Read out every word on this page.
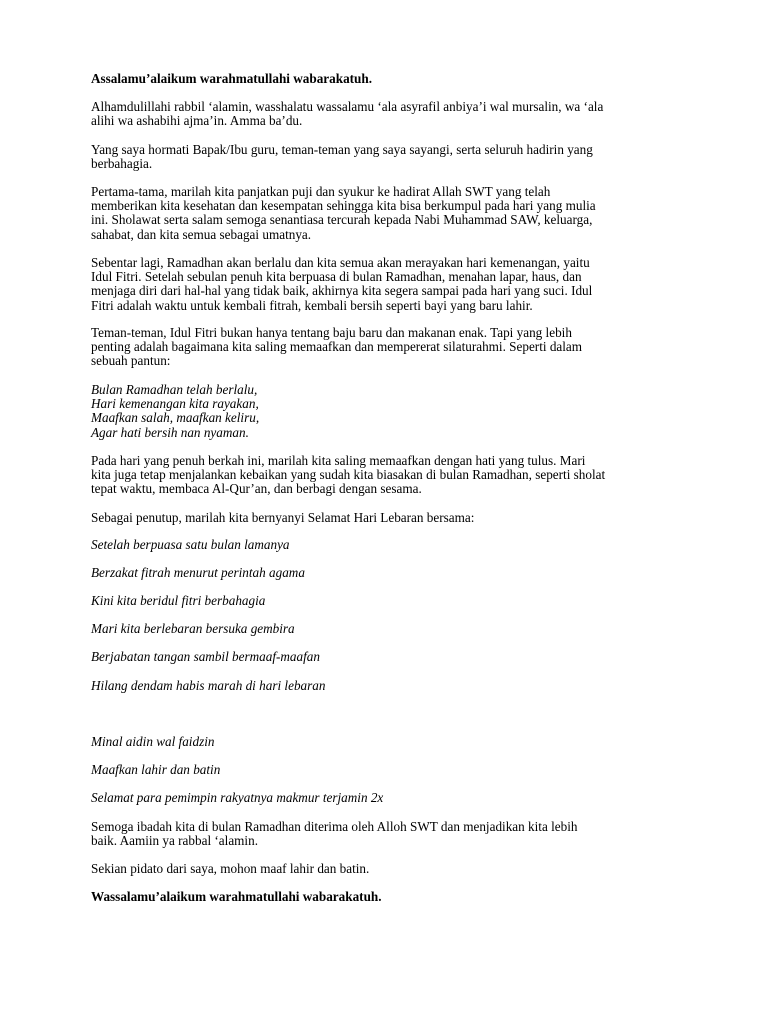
Assalamu’alaikum warahmatullahi wabarakatuh.

Alhamdulillahi rabbil ‘alamin, wasshalatu wassalamu ‘ala asyrafil anbiya’i wal mursalin, wa ‘ala
alihi wa ashabihi ajma’in. Amma ba’du.

Yang saya hormati Bapak/Ibu guru, teman-teman yang saya sayangi, serta seluruh hadirin yang
berbahagia.

Pertama-tama, marilah kita panjatkan puji dan syukur ke hadirat Allah SWT yang telah
memberikan kita kesehatan dan kesempatan sehingga kita bisa berkumpul pada hari yang mulia
ini. Sholawat serta salam semoga senantiasa tercurah kepada Nabi Muhammad SAW, keluarga,
sahabat, dan kita semua sebagai umatnya.

Sebentar lagi, Ramadhan akan berlalu dan kita semua akan merayakan hari kemenangan, yaitu
Idul Fitri. Setelah sebulan penuh kita berpuasa di bulan Ramadhan, menahan lapar, haus, dan
menjaga diri dari hal-hal yang tidak baik, akhirnya kita segera sampai pada hari yang suci. Idul
Fitri adalah waktu untuk kembali fitrah, kembali bersih seperti bayi yang baru lahir.

Teman-teman, Idul Fitri bukan hanya tentang baju baru dan makanan enak. Tapi yang lebih
penting adalah bagaimana kita saling memaafkan dan mempererat silaturahmi. Seperti dalam
sebuah pantun:

Bulan Ramadhan telah berlalu,
Hari kemenangan kita rayakan,
Maafkan salah, maafkan keliru,
Agar hati bersih nan nyaman.

Pada hari yang penuh berkah ini, marilah kita saling memaafkan dengan hati yang tulus. Mari
kita juga tetap menjalankan kebaikan yang sudah kita biasakan di bulan Ramadhan, seperti sholat
tepat waktu, membaca Al-Qur’an, dan berbagi dengan sesama.

Sebagai penutup, marilah kita bernyanyi Selamat Hari Lebaran bersama:

Setelah berpuasa satu bulan lamanya

Berzakat fitrah menurut perintah agama

Kini kita beridul fitri berbahagia

Mari kita berlebaran bersuka gembira

Berjabatan tangan sambil bermaaf-maafan

Hilang dendam habis marah di hari lebaran

Minal aidin wal faidzin

Maafkan lahir dan batin

Selamat para pemimpin rakyatnya makmur terjamin 2x

Semoga ibadah kita di bulan Ramadhan diterima oleh Alloh SWT dan menjadikan kita lebih
baik. Aamiin ya rabbal ‘alamin.

Sekian pidato dari saya, mohon maaf lahir dan batin.

Wassalamu’alaikum warahmatullahi wabarakatuh.
